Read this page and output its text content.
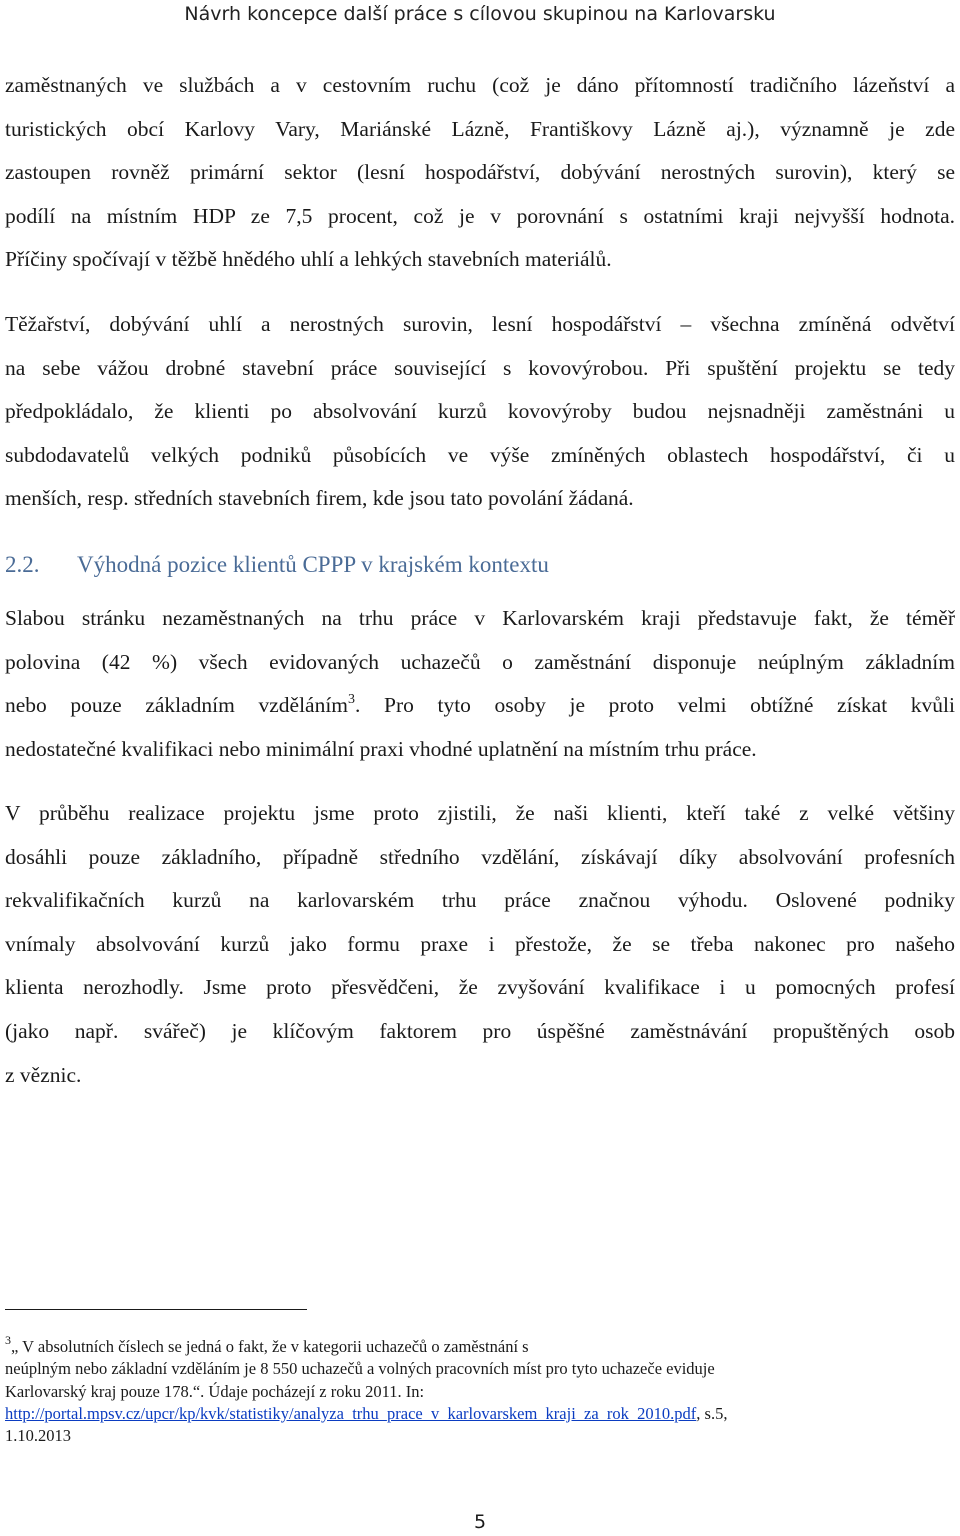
Návrh koncepce další práce s cílovou skupinou na Karlovarsku

zaměstnaných ve službách a v cestovním ruchu (což je dáno přítomností tradičního lázeňství a
turistických obcí Karlovy Vary, Mariánské Lázně, Františkovy Lázně aj.), významně je zde
zastoupen rovněž primární sektor (lesní hospodářství, dobývání nerostných surovin), který se
podílí na místním HDP ze 7,5 procent, což je v porovnání s ostatními kraji nejvyšší hodnota.
Příčiny spočívají v těžbě hnědého uhlí a lehkých stavebních materiálů.

Těžařství, dobývání uhlí a nerostných surovin, lesní hospodářství – všechna zmíněná odvětví
na sebe vážou drobné stavební práce související s kovovýrobou. Při spuštění projektu se tedy
předpokládalo, že klienti po absolvování kurzů kovovýroby budou nejsnadněji zaměstnáni u
subdodavatelů velkých podniků působících ve výše zmíněných oblastech hospodářství, či u
menších, resp. středních stavebních firem, kde jsou tato povolání žádaná.

2.2. Výhodná pozice klientů CPPP v krajském kontextu

Slabou stránku nezaměstnaných na trhu práce v Karlovarském kraji představuje fakt, že téměř
polovina (42 %) všech evidovaných uchazečů o zaměstnání disponuje neúplným základním
nebo pouze základním vzděláním$^3$. Pro tyto osoby je proto velmi obtížné získat kvůli
nedostatečné kvalifikaci nebo minimální praxi vhodné uplatnění na místním trhu práce.

V průběhu realizace projektu jsme proto zjistili, že naši klienti, kteří také z velké většiny
dosáhli pouze základního, případně středního vzdělání, získávají díky absolvování profesních
rekvalifikačních kurzů na karlovarském trhu práce značnou výhodu. Oslovené podniky
vnímaly absolvování kurzů jako formu praxe i přestože, že se třeba nakonec pro našeho
klienta nerozhodly. Jsme proto přesvědčeni, že zvyšování kvalifikace i u pomocných profesí
(jako např. svářeč) je klíčovým faktorem pro úspěšné zaměstnávání propuštěných osob
z věznic.

$^3$„ V absolutních číslech se jedná o fakt, že v kategorii uchazečů o zaměstnání s
neúplným nebo základní vzděláním je 8 550 uchazečů a volných pracovních míst pro tyto uchazeče eviduje
Karlovarský kraj pouze 178.“. Údaje pocházejí z roku 2011. In:
http://portal.mpsv.cz/upcr/kp/kvk/statistiky/analyza_trhu_prace_v_karlovarskem_kraji_za_rok_2010.pdf, s.5,
1.10.2013
5
